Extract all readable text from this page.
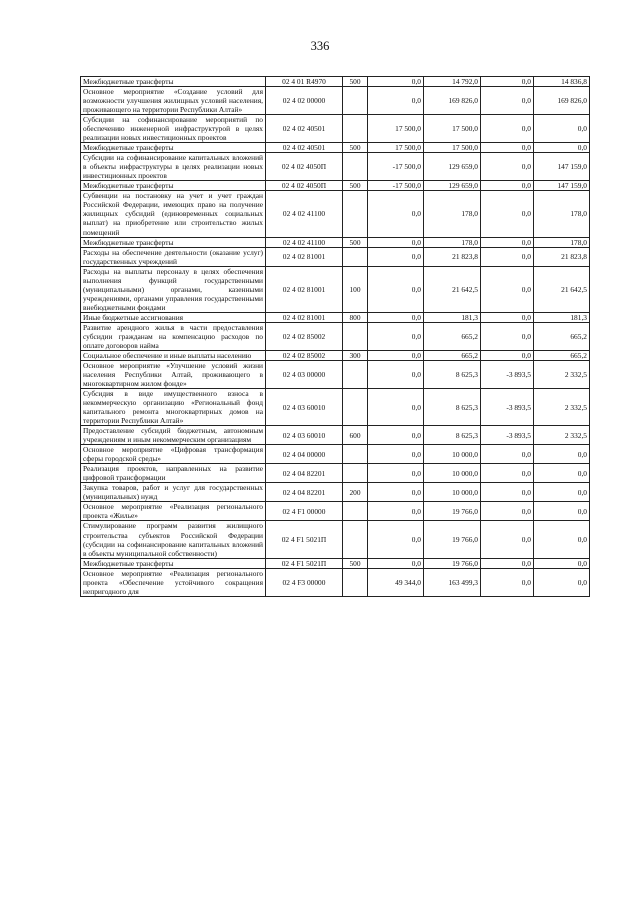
336
Межбюджетные трансферты	02 4 01 R4970	500	0,0	14 792,0	0,0	14 836,8
Основное мероприятие «Создание условий для возможности улучшения жилищных условий населения, проживающего на территории Республики Алтай»	02 4 02 00000		0,0	169 826,0	0,0	169 826,0
Субсидии на софинансирование мероприятий по обеспечению инженерной инфраструктурой в целях реализации новых инвестиционных проектов	02 4 02 40501		17 500,0	17 500,0	0,0	0,0
Межбюджетные трансферты	02 4 02 40501	500	17 500,0	17 500,0	0,0	0,0
Субсидии на софинансирование капитальных вложений в объекты инфраструктуры в целях реализации новых инвестиционных проектов	02 4 02 4050П		-17 500,0	129 659,0	0,0	147 159,0
Межбюджетные трансферты	02 4 02 4050П	500	-17 500,0	129 659,0	0,0	147 159,0
Субвенции на постановку на учет и учет граждан Российской Федерации, имеющих право на получение жилищных субсидий (единовременных социальных выплат) на приобретение или строительство жилых помещений	02 4 02 41100		0,0	178,0	0,0	178,0
Межбюджетные трансферты	02 4 02 41100	500	0,0	178,0	0,0	178,0
Расходы на обеспечение деятельности (оказание услуг) государственных учреждений	02 4 02 81001		0,0	21 823,8	0,0	21 823,8
Расходы на выплаты персоналу в целях обеспечения выполнения функций государственными (муниципальными) органами, казенными учреждениями, органами управления государственными внебюджетными фондами	02 4 02 81001	100	0,0	21 642,5	0,0	21 642,5
Иные бюджетные ассигнования	02 4 02 81001	800	0,0	181,3	0,0	181,3
Развитие арендного жилья в части предоставления субсидии гражданам на компенсацию расходов по оплате договоров найма	02 4 02 85002		0,0	665,2	0,0	665,2
Социальное обеспечение и иные выплаты населению	02 4 02 85002	300	0,0	665,2	0,0	665,2
Основное мероприятие «Улучшение условий жизни населения Республики Алтай, проживающего в многоквартирном жилом фонде»	02 4 03 00000		0,0	8 625,3	-3 893,5	2 332,5
Субсидия в виде имущественного взноса в некоммерческую организацию «Региональный фонд капитального ремонта многоквартирных домов на территории Республики Алтай»	02 4 03 60010		0,0	8 625,3	-3 893,5	2 332,5
Предоставление субсидий бюджетным, автономным учреждениям и иным некоммерческим организациям	02 4 03 60010	600	0,0	8 625,3	-3 893,5	2 332,5
Основное мероприятие «Цифровая трансформация сферы городской среды»	02 4 04 00000		0,0	10 000,0	0,0	0,0
Реализация проектов, направленных на развитие цифровой трансформации	02 4 04 82201		0,0	10 000,0	0,0	0,0
Закупка товаров, работ и услуг для государственных (муниципальных) нужд	02 4 04 82201	200	0,0	10 000,0	0,0	0,0
Основное мероприятие «Реализация регионального проекта «Жилье»	02 4 F1 00000		0,0	19 766,0	0,0	0,0
Стимулирование программ развития жилищного строительства субъектов Российской Федерации (субсидии на софинансирование капитальных вложений в объекты муниципальной собственности)	02 4 F1 5021П		0,0	19 766,0	0,0	0,0
Межбюджетные трансферты	02 4 F1 5021П	500	0,0	19 766,0	0,0	0,0
Основное мероприятие «Реализация регионального проекта «Обеспечение устойчивого сокращения непригодного для	02 4 F3 00000		49 344,0	163 499,3	0,0	0,0
